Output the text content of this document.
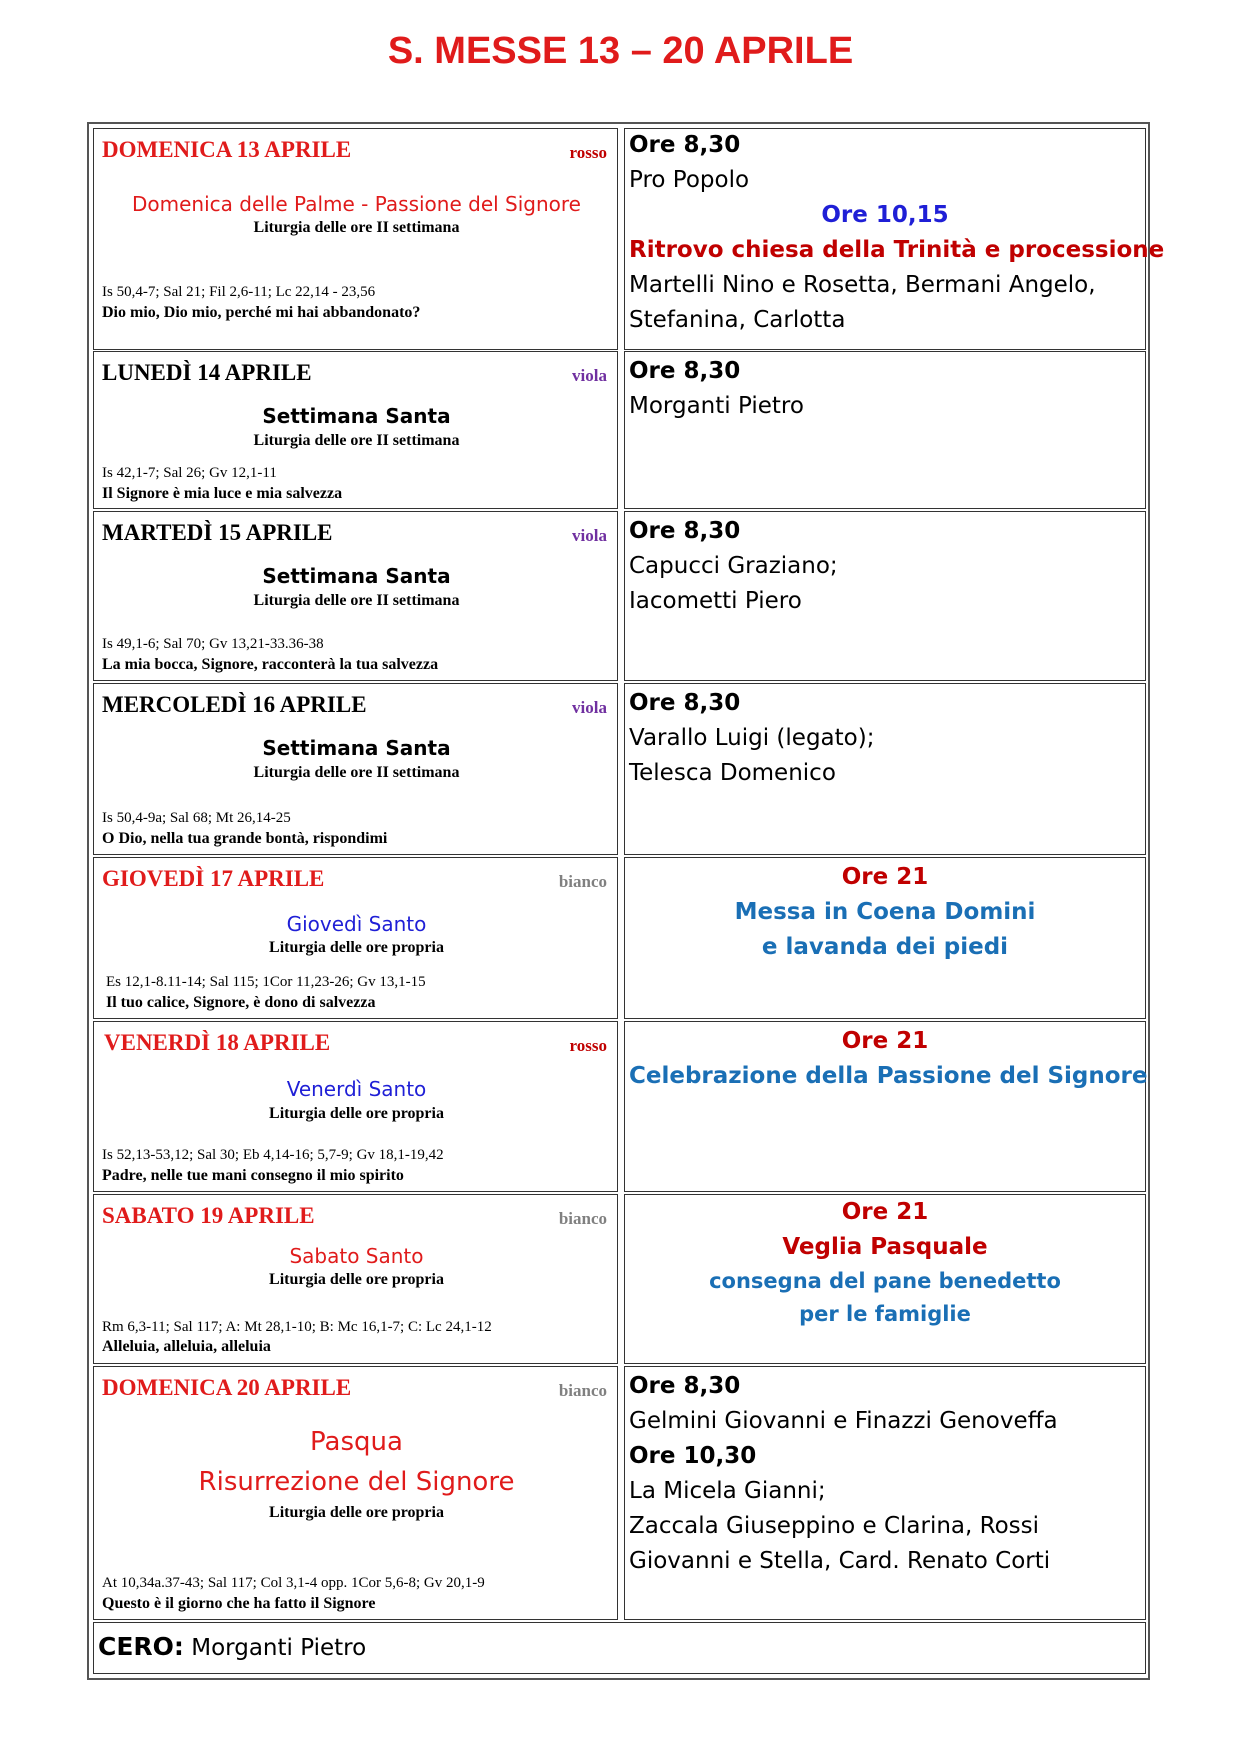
S. MESSE 13 – 20 APRILE
DOMENICA 13 APRILE	rosso
Domenica delle Palme - Passione del Signore
Liturgia delle ore II settimana
Is 50,4-7; Sal 21; Fil 2,6-11; Lc 22,14 - 23,56
Dio mio, Dio mio, perché mi hai abbandonato?
Ore 8,30
Pro Popolo
Ore 10,15
Ritrovo chiesa della Trinità e processione
Martelli Nino e Rosetta, Bermani Angelo,
Stefanina, Carlotta
LUNEDÌ 14 APRILE	viola
Settimana Santa
Liturgia delle ore II settimana
Is 42,1-7; Sal 26; Gv 12,1-11
Il Signore è mia luce e mia salvezza
Ore 8,30
Morganti Pietro
MARTEDÌ 15 APRILE	viola
Settimana Santa
Liturgia delle ore II settimana
Is 49,1-6; Sal 70; Gv 13,21-33.36-38
La mia bocca, Signore, racconterà la tua salvezza
Ore 8,30
Capucci Graziano;
Iacometti Piero
MERCOLEDÌ 16 APRILE	viola
Settimana Santa
Liturgia delle ore II settimana
Is 50,4-9a; Sal 68; Mt 26,14-25
O Dio, nella tua grande bontà, rispondimi
Ore 8,30
Varallo Luigi (legato);
Telesca Domenico
GIOVEDÌ 17 APRILE	bianco
Giovedì Santo
Liturgia delle ore propria
Es 12,1-8.11-14; Sal 115; 1Cor 11,23-26; Gv 13,1-15
Il tuo calice, Signore, è dono di salvezza
Ore 21
Messa in Coena Domini
e lavanda dei piedi
VENERDÌ 18 APRILE	rosso
Venerdì Santo
Liturgia delle ore propria
Is 52,13-53,12; Sal 30; Eb 4,14-16; 5,7-9; Gv 18,1-19,42
Padre, nelle tue mani consegno il mio spirito
Ore 21
Celebrazione della Passione del Signore
SABATO 19 APRILE	bianco
Sabato Santo
Liturgia delle ore propria
Rm 6,3-11; Sal 117; A: Mt 28,1-10; B: Mc 16,1-7; C: Lc 24,1-12
Alleluia, alleluia, alleluia
Ore 21
Veglia Pasquale
consegna del pane benedetto
per le famiglie
DOMENICA 20 APRILE	bianco
Pasqua
Risurrezione del Signore
Liturgia delle ore propria
At 10,34a.37-43; Sal 117; Col 3,1-4 opp. 1Cor 5,6-8; Gv 20,1-9
Questo è il giorno che ha fatto il Signore
Ore 8,30
Gelmini Giovanni e Finazzi Genoveffa
Ore 10,30
La Micela Gianni;
Zaccala Giuseppino e Clarina, Rossi
Giovanni e Stella, Card. Renato Corti
CERO: Morganti Pietro
